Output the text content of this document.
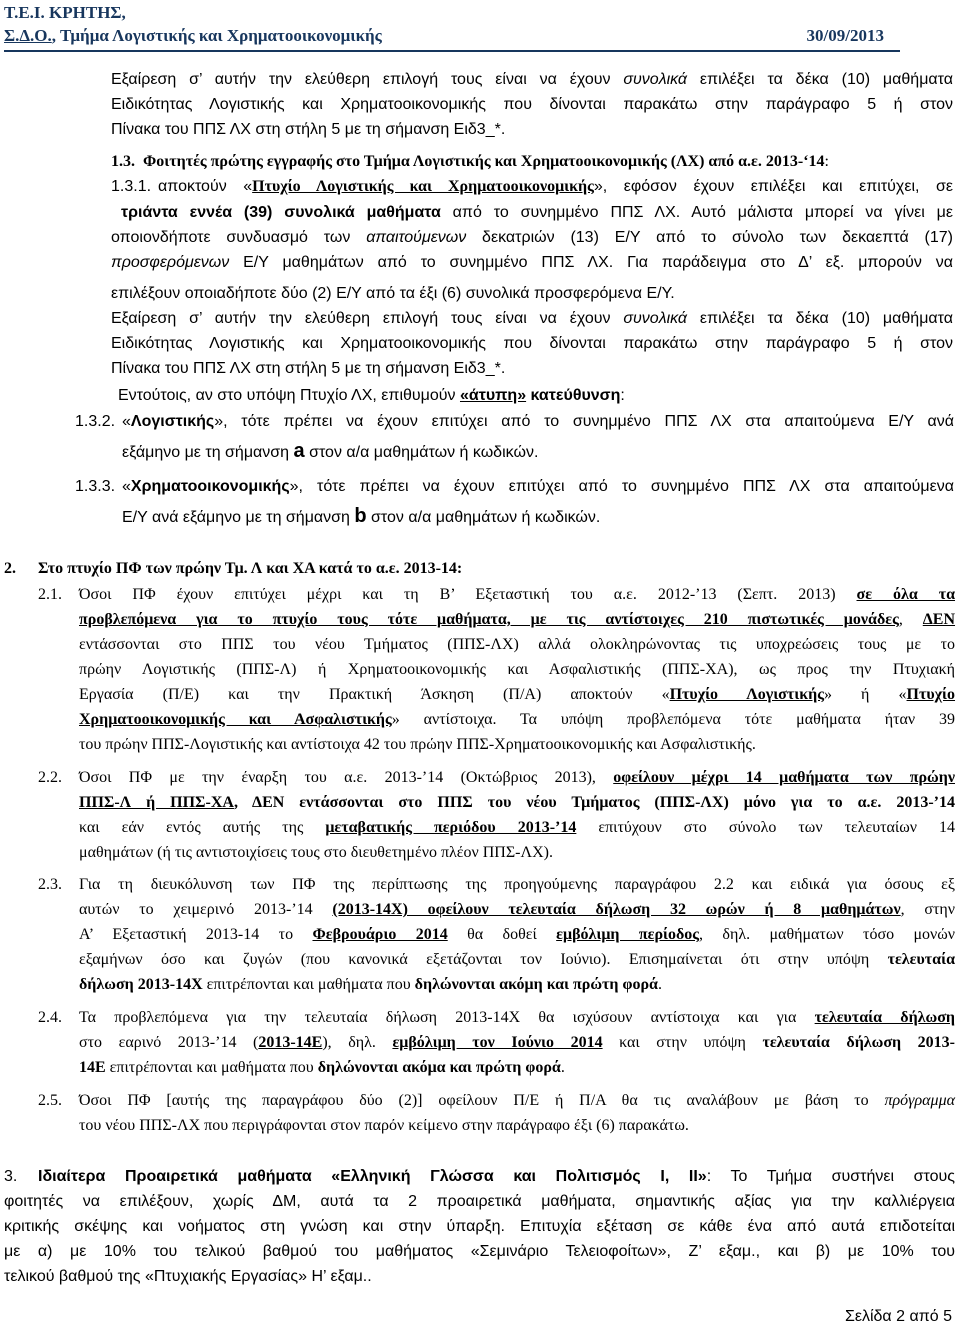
Τ.Ε.Ι. ΚΡΗΤΗΣ,
Σ.Δ.Ο., Τμήμα Λογιστικής και Χρηματοοικονομικής	30/09/2013
Εξαίρεση σ’ αυτήν την ελεύθερη επιλογή τους είναι να έχουν συνολικά επιλέξει τα δέκα (10) μαθήματα
Ειδικότητας Λογιστικής και Χρηματοοικονομικής που δίνονται παρακάτω στην παράγραφο 5 ή στον
Πίνακα του ΠΠΣ ΛΧ στη στήλη 5 με τη σήμανση Ειδ3_*.
1.3. Φοιτητές πρώτης εγγραφής στο Τμήμα Λογιστικής και Χρηματοοικονομικής (ΛΧ) από α.ε. 2013-‘14:
1.3.1. αποκτούν «Πτυχίο Λογιστικής και Χρηματοοικονομικής», εφόσον έχουν επιλέξει και επιτύχει, σε
τριάντα εννέα (39) συνολικά μαθήματα από το συνημμένο ΠΠΣ ΛΧ. Αυτό μάλιστα μπορεί να γίνει με
οποιονδήποτε συνδυασμό των απαιτούμενων δεκατριών (13) Ε/Υ από το σύνολο των δεκαεπτά (17)
προσφερόμενων Ε/Υ μαθημάτων από το συνημμένο ΠΠΣ ΛΧ. Για παράδειγμα στο Δ’ εξ. μπορούν να
επιλέξουν οποιαδήποτε δύο (2) Ε/Υ από τα έξι (6) συνολικά προσφερόμενα Ε/Υ.
Εξαίρεση σ’ αυτήν την ελεύθερη επιλογή τους είναι να έχουν συνολικά επιλέξει τα δέκα (10) μαθήματα
Ειδικότητας Λογιστικής και Χρηματοοικονομικής που δίνονται παρακάτω στην παράγραφο 5 ή στον
Πίνακα του ΠΠΣ ΛΧ στη στήλη 5 με τη σήμανση Ειδ3_*.
Εντούτοις, αν στο υπόψη Πτυχίο ΛΧ, επιθυμούν «άτυπη» κατεύθυνση:
1.3.2. «Λογιστικής», τότε πρέπει να έχουν επιτύχει από το συνημμένο ΠΠΣ ΛΧ στα απαιτούμενα Ε/Υ ανά
εξάμηνο με τη σήμανση a στον α/α μαθημάτων ή κωδικών.
1.3.3. «Χρηματοοικονομικής», τότε πρέπει να έχουν επιτύχει από το συνημμένο ΠΠΣ ΛΧ στα απαιτούμενα
Ε/Υ ανά εξάμηνο με τη σήμανση b στον α/α μαθημάτων ή κωδικών.
2. Στο πτυχίο ΠΦ των πρώην Τμ. Λ και ΧΑ κατά το α.ε. 2013-14:
2.1. Όσοι ΠΦ έχουν επιτύχει μέχρι και τη Β’ Εξεταστική του α.ε. 2012-’13 (Σεπτ. 2013) σε όλα τα
προβλεπόμενα για το πτυχίο τους τότε μαθήματα, με τις αντίστοιχες 210 πιστωτικές μονάδες, ΔΕΝ
εντάσσονται στο ΠΠΣ του νέου Τμήματος (ΠΠΣ-ΛΧ) αλλά ολοκληρώνοντας τις υποχρεώσεις τους με το
πρώην Λογιστικής (ΠΠΣ-Λ) ή Χρηματοοικονομικής και Ασφαλιστικής (ΠΠΣ-ΧΑ), ως προς την Πτυχιακή
Εργασία (Π/Ε) και την Πρακτική Άσκηση (Π/Α) αποκτούν «Πτυχίο Λογιστικής» ή «Πτυχίο
Χρηματοοικονομικής και Ασφαλιστικής» αντίστοιχα. Τα υπόψη προβλεπόμενα τότε μαθήματα ήταν 39
του πρώην ΠΠΣ-Λογιστικής και αντίστοιχα 42 του πρώην ΠΠΣ-Χρηματοοικονομικής και Ασφαλιστικής.
2.2. Όσοι ΠΦ με την έναρξη του α.ε. 2013-’14 (Οκτώβριος 2013), οφείλουν μέχρι 14 μαθήματα των πρώην
ΠΠΣ-Λ ή ΠΠΣ-ΧΑ, ΔΕΝ εντάσσονται στο ΠΠΣ του νέου Τμήματος (ΠΠΣ-ΛΧ) μόνο για το α.ε. 2013-’14
και εάν εντός αυτής της μεταβατικής περιόδου 2013-’14 επιτύχουν στο σύνολο των τελευταίων 14
μαθημάτων (ή τις αντιστοιχίσεις τους στο διευθετημένο πλέον ΠΠΣ-ΛΧ).
2.3. Για τη διευκόλυνση των ΠΦ της περίπτωσης της προηγούμενης παραγράφου 2.2 και ειδικά για όσους εξ
αυτών το χειμερινό 2013-’14 (2013-14Χ) οφείλουν τελευταία δήλωση 32 ωρών ή 8 μαθημάτων, στην
Α’ Εξεταστική 2013-14 το Φεβρουάριο 2014 θα δοθεί εμβόλιμη περίοδος, δηλ. μαθήματων τόσο μονών
εξαμήνων όσο και ζυγών (που κανονικά εξετάζονται τον Ιούνιο). Επισημαίνεται ότι στην υπόψη τελευταία
δήλωση 2013-14Χ επιτρέπονται και μαθήματα που δηλώνονται ακόμη και πρώτη φορά.
2.4. Τα προβλεπόμενα για την τελευταία δήλωση 2013-14Χ θα ισχύσουν αντίστοιχα και για τελευταία δήλωση
στο εαρινό 2013-’14 (2013-14Ε), δηλ. εμβόλιμη τον Ιούνιο 2014 και στην υπόψη τελευταία δήλωση 2013-
14Ε επιτρέπονται και μαθήματα που δηλώνονται ακόμα και πρώτη φορά.
2.5. Όσοι ΠΦ [αυτής της παραγράφου δύο (2)] οφείλουν Π/Ε ή Π/Α θα τις αναλάβουν με βάση το πρόγραμμα
του νέου ΠΠΣ-ΛΧ που περιγράφονται στον παρόν κείμενο στην παράγραφο έξι (6) παρακάτω.
3. Ιδιαίτερα Προαιρετικά μαθήματα «Ελληνική Γλώσσα και Πολιτισμός Ι, ΙΙ»: Το Τμήμα συστήνει στους
φοιτητές να επιλέξουν, χωρίς ΔΜ, αυτά τα 2 προαιρετικά μαθήματα, σημαντικής αξίας για την καλλιέργεια
κριτικής σκέψης και νοήματος στη γνώση και στην ύπαρξη. Επιτυχία εξέταση σε κάθε ένα από αυτά επιδοτείται
με α) με 10% του τελικού βαθμού του μαθήματος «Σεμινάριο Τελειοφοίτων», Ζ’ εξαμ., και β) με 10% του
τελικού βαθμού της «Πτυχιακής Εργασίας» Η’ εξαμ..
Σελίδα 2 από 5
